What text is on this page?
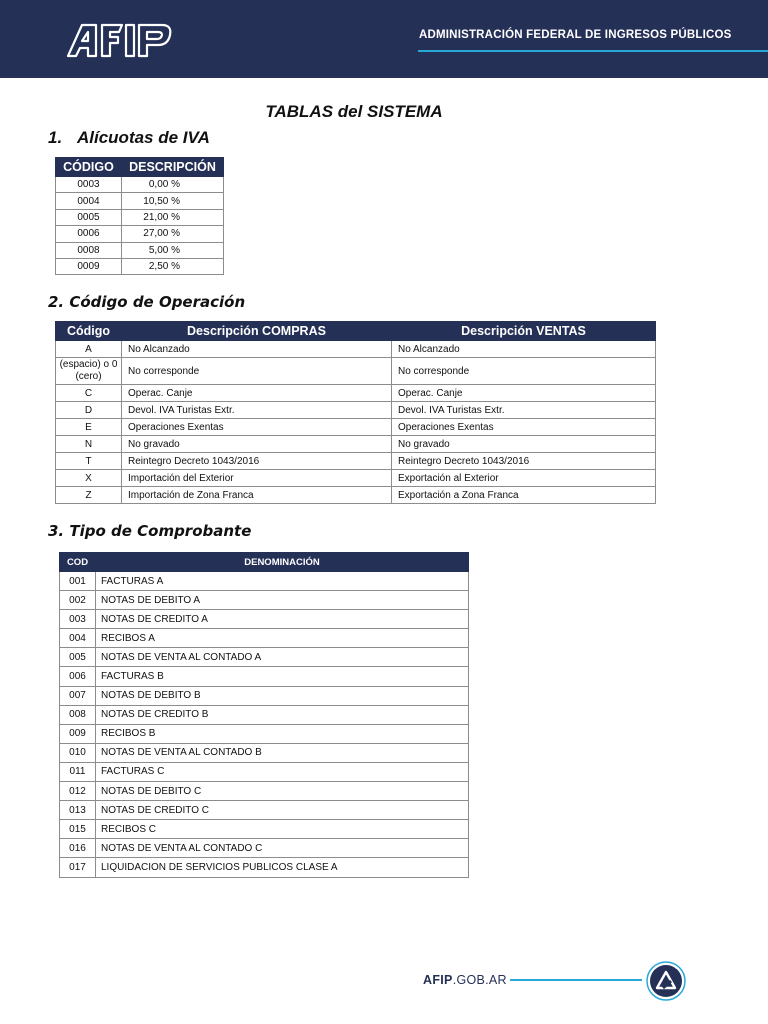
ADMINISTRACIÓN FEDERAL DE INGRESOS PÚBLICOS
TABLAS del SISTEMA
1. Alícuotas de IVA
CÓDIGO	DESCRIPCIÓN
0003	0,00 %
0004	10,50 %
0005	21,00 %
0006	27,00 %
0008	5,00 %
0009	2,50 %
2. Código de Operación
Código	Descripción COMPRAS	Descripción VENTAS
A	No Alcanzado	No Alcanzado
(espacio) o 0 (cero)	No corresponde	No corresponde
C	Operac. Canje	Operac. Canje
D	Devol. IVA Turistas Extr.	Devol. IVA Turistas Extr.
E	Operaciones Exentas	Operaciones Exentas
N	No gravado	No gravado
T	Reintegro Decreto 1043/2016	Reintegro Decreto 1043/2016
X	Importación del Exterior	Exportación al Exterior
Z	Importación de Zona Franca	Exportación a Zona Franca
3. Tipo de Comprobante
COD	DENOMINACIÓN
001	FACTURAS A
002	NOTAS DE DEBITO A
003	NOTAS DE CREDITO A
004	RECIBOS A
005	NOTAS DE VENTA AL CONTADO A
006	FACTURAS B
007	NOTAS DE DEBITO B
008	NOTAS DE CREDITO B
009	RECIBOS B
010	NOTAS DE VENTA AL CONTADO B
011	FACTURAS C
012	NOTAS DE DEBITO C
013	NOTAS DE CREDITO C
015	RECIBOS C
016	NOTAS DE VENTA AL CONTADO C
017	LIQUIDACION DE SERVICIOS PUBLICOS CLASE A
AFIP.GOB.AR
